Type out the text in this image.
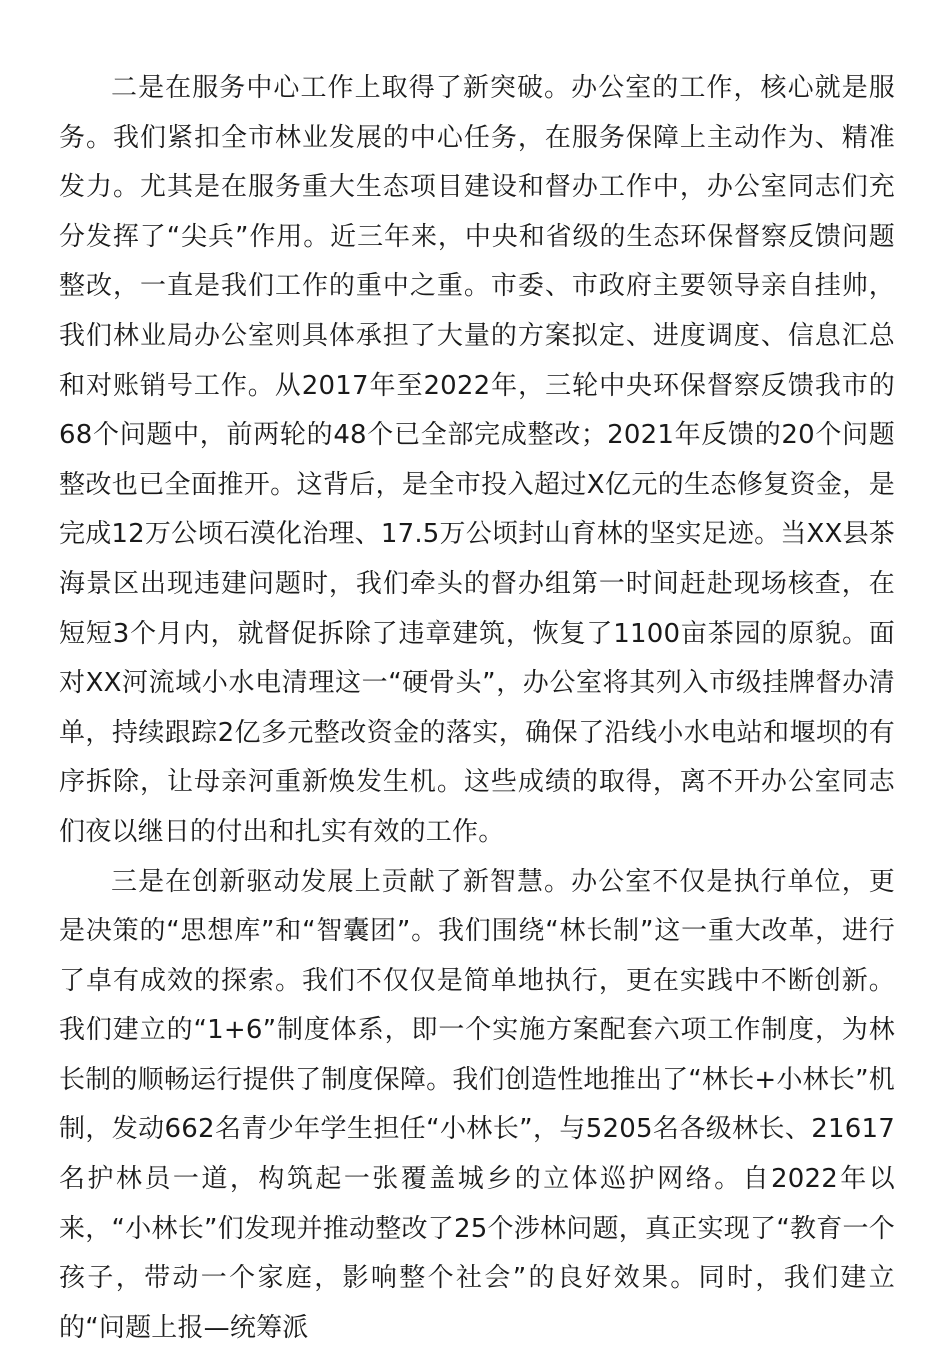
二是在服务中心工作上取得了新突破。办公室的工作，核心就是服务。我们紧扣全市林业发展的中心任务，在服务保障上主动作为、精准发力。尤其是在服务重大生态项目建设和督办工作中，办公室同志们充分发挥了“尖兵”作用。近三年来，中央和省级的生态环保督察反馈问题整改，一直是我们工作的重中之重。市委、市政府主要领导亲自挂帅，我们林业局办公室则具体承担了大量的方案拟定、进度调度、信息汇总和对账销号工作。从2017年至2022年，三轮中央环保督察反馈我市的68个问题中，前两轮的48个已全部完成整改；2021年反馈的20个问题整改也已全面推开。这背后，是全市投入超过X亿元的生态修复资金，是完成12万公顷石漠化治理、17.5万公顷封山育林的坚实足迹。当XX县茶海景区出现违建问题时，我们牵头的督办组第一时间赶赴现场核查，在短短3个月内，就督促拆除了违章建筑，恢复了1100亩茶园的原貌。面对XX河流域小水电清理这一“硬骨头”，办公室将其列入市级挂牌督办清单，持续跟踪2亿多元整改资金的落实，确保了沿线小水电站和堰坝的有序拆除，让母亲河重新焕发生机。这些成绩的取得，离不开办公室同志们夜以继日的付出和扎实有效的工作。

三是在创新驱动发展上贡献了新智慧。办公室不仅是执行单位，更是决策的“思想库”和“智囊团”。我们围绕“林长制”这一重大改革，进行了卓有成效的探索。我们不仅仅是简单地执行，更在实践中不断创新。我们建立的“1+6”制度体系，即一个实施方案配套六项工作制度，为林长制的顺畅运行提供了制度保障。我们创造性地推出了“林长+小林长”机制，发动662名青少年学生担任“小林长”，与5205名各级林长、21617名护林员一道，构筑起一张覆盖城乡的立体巡护网络。自2022年以来，“小林长”们发现并推动整改了25个涉林问题，真正实现了“教育一个孩子，带动一个家庭，影响整个社会”的良好效果。同时，我们建立的“问题上报—统筹派
